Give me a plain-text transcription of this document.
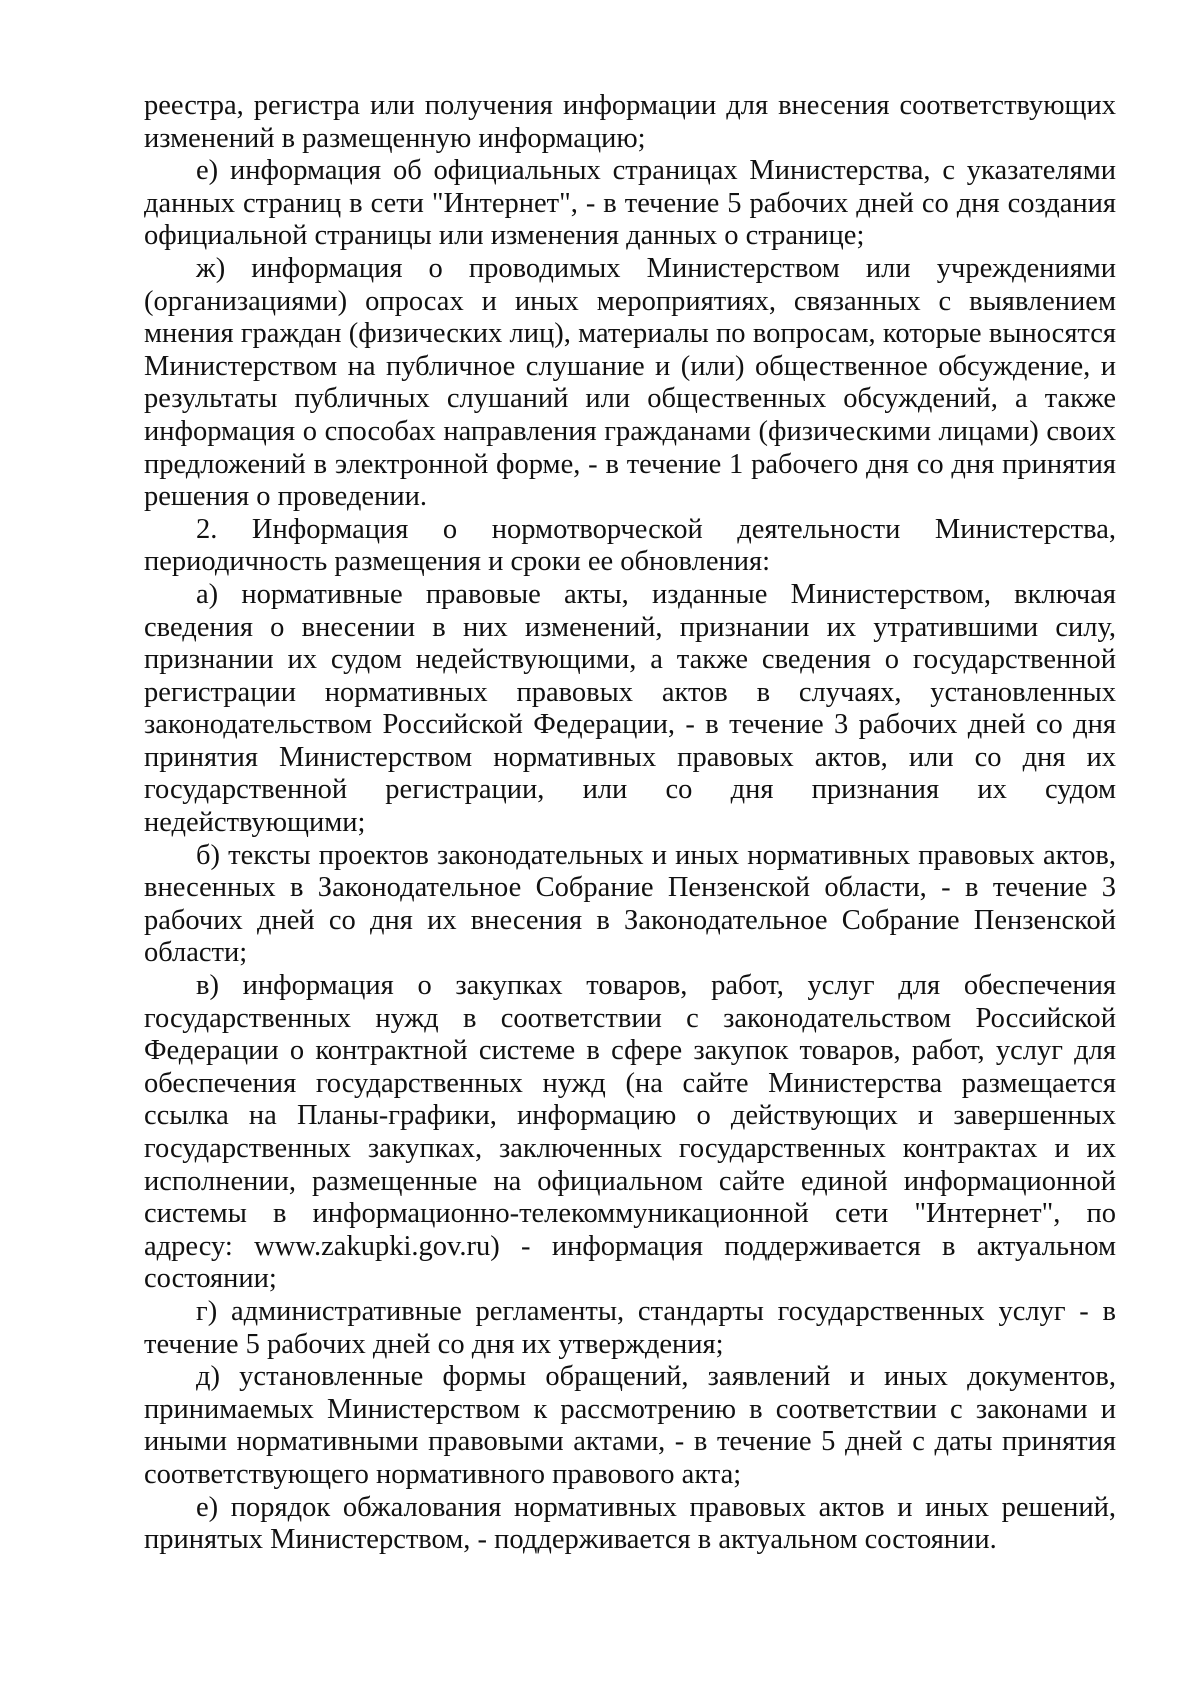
реестра, регистра или получения информации для внесения соответствующих изменений в размещенную информацию;

е) информация об официальных страницах Министерства, с указателями данных страниц в сети "Интернет", - в течение 5 рабочих дней со дня создания официальной страницы или изменения данных о странице;

ж) информация о проводимых Министерством или учреждениями (организациями) опросах и иных мероприятиях, связанных с выявлением мнения граждан (физических лиц), материалы по вопросам, которые выносятся Министерством на публичное слушание и (или) общественное обсуждение, и результаты публичных слушаний или общественных обсуждений, а также информация о способах направления гражданами (физическими лицами) своих предложений в электронной форме, - в течение 1 рабочего дня со дня принятия решения о проведении.

2. Информация о нормотворческой деятельности Министерства, периодичность размещения и сроки ее обновления:

а) нормативные правовые акты, изданные Министерством, включая сведения о внесении в них изменений, признании их утратившими силу, признании их судом недействующими, а также сведения о государственной регистрации нормативных правовых актов в случаях, установленных законодательством Российской Федерации, - в течение 3 рабочих дней со дня принятия Министерством нормативных правовых актов, или со дня их государственной регистрации, или со дня признания их судом недействующими;

б) тексты проектов законодательных и иных нормативных правовых актов, внесенных в Законодательное Собрание Пензенской области, - в течение 3 рабочих дней со дня их внесения в Законодательное Собрание Пензенской области;

в) информация о закупках товаров, работ, услуг для обеспечения государственных нужд в соответствии с законодательством Российской Федерации о контрактной системе в сфере закупок товаров, работ, услуг для обеспечения государственных нужд (на сайте Министерства размещается ссылка на Планы-графики, информацию о действующих и завершенных государственных закупках, заключенных государственных контрактах и их исполнении, размещенные на официальном сайте единой информационной системы в информационно-телекоммуникационной сети "Интернет", по адресу: www.zakupki.gov.ru) - информация поддерживается в актуальном состоянии;

г) административные регламенты, стандарты государственных услуг - в течение 5 рабочих дней со дня их утверждения;

д) установленные формы обращений, заявлений и иных документов, принимаемых Министерством к рассмотрению в соответствии с законами и иными нормативными правовыми актами, - в течение 5 дней с даты принятия соответствующего нормативного правового акта;

е) порядок обжалования нормативных правовых актов и иных решений, принятых Министерством, - поддерживается в актуальном состоянии.
